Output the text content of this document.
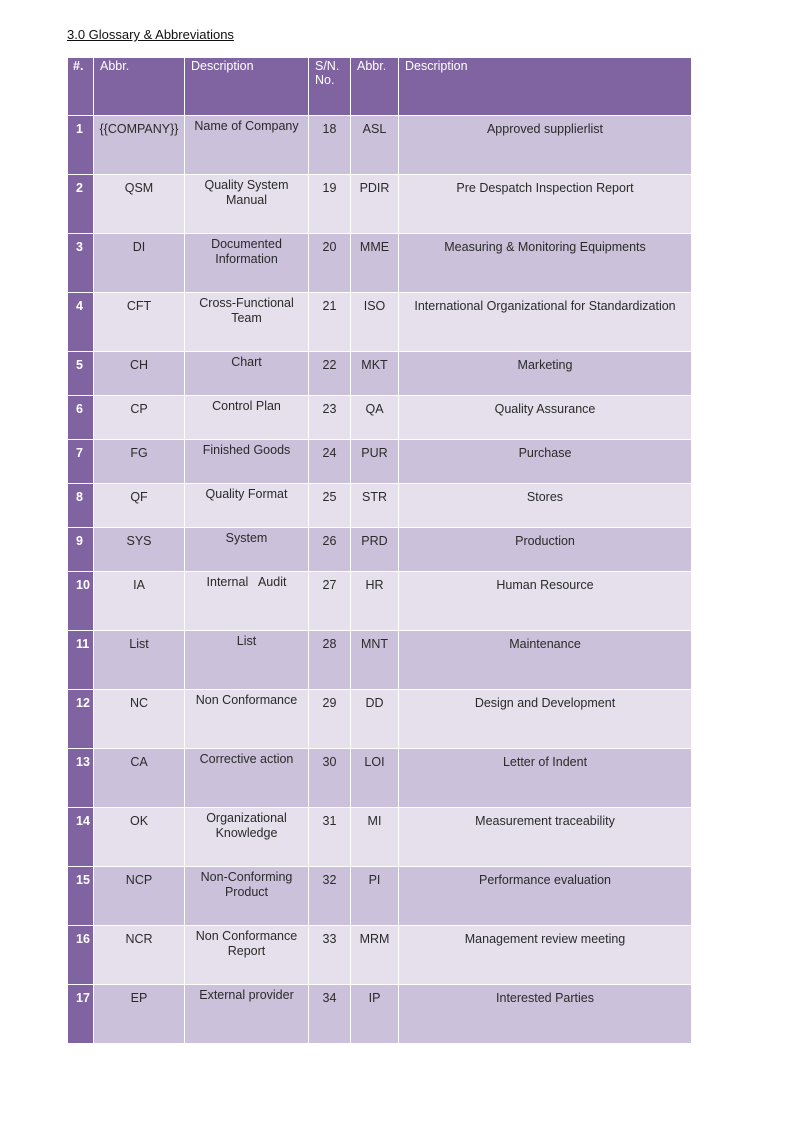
3.0 Glossary & Abbreviations
#.	Abbr.	Description	S/N. No.	Abbr.	Description
1	{{COMPANY}}	Name of Company	18	ASL	Approved supplierlist
2	QSM	Quality System Manual	19	PDIR	Pre Despatch Inspection Report
3	DI	Documented Information	20	MME	Measuring & Monitoring Equipments
4	CFT	Cross-Functional Team	21	ISO	International Organizational for Standardization
5	CH	Chart	22	MKT	Marketing
6	CP	Control Plan	23	QA	Quality Assurance
7	FG	Finished Goods	24	PUR	Purchase
8	QF	Quality Format	25	STR	Stores
9	SYS	System	26	PRD	Production
10	IA	Internal   Audit	27	HR	Human Resource
11	List	List	28	MNT	Maintenance
12	NC	Non Conformance	29	DD	Design and Development
13	CA	Corrective action	30	LOI	Letter of Indent
14	OK	Organizational Knowledge	31	MI	Measurement traceability
15	NCP	Non-Conforming Product	32	PI	Performance evaluation
16	NCR	Non Conformance Report	33	MRM	Management review meeting
17	EP	External provider	34	IP	Interested Parties
